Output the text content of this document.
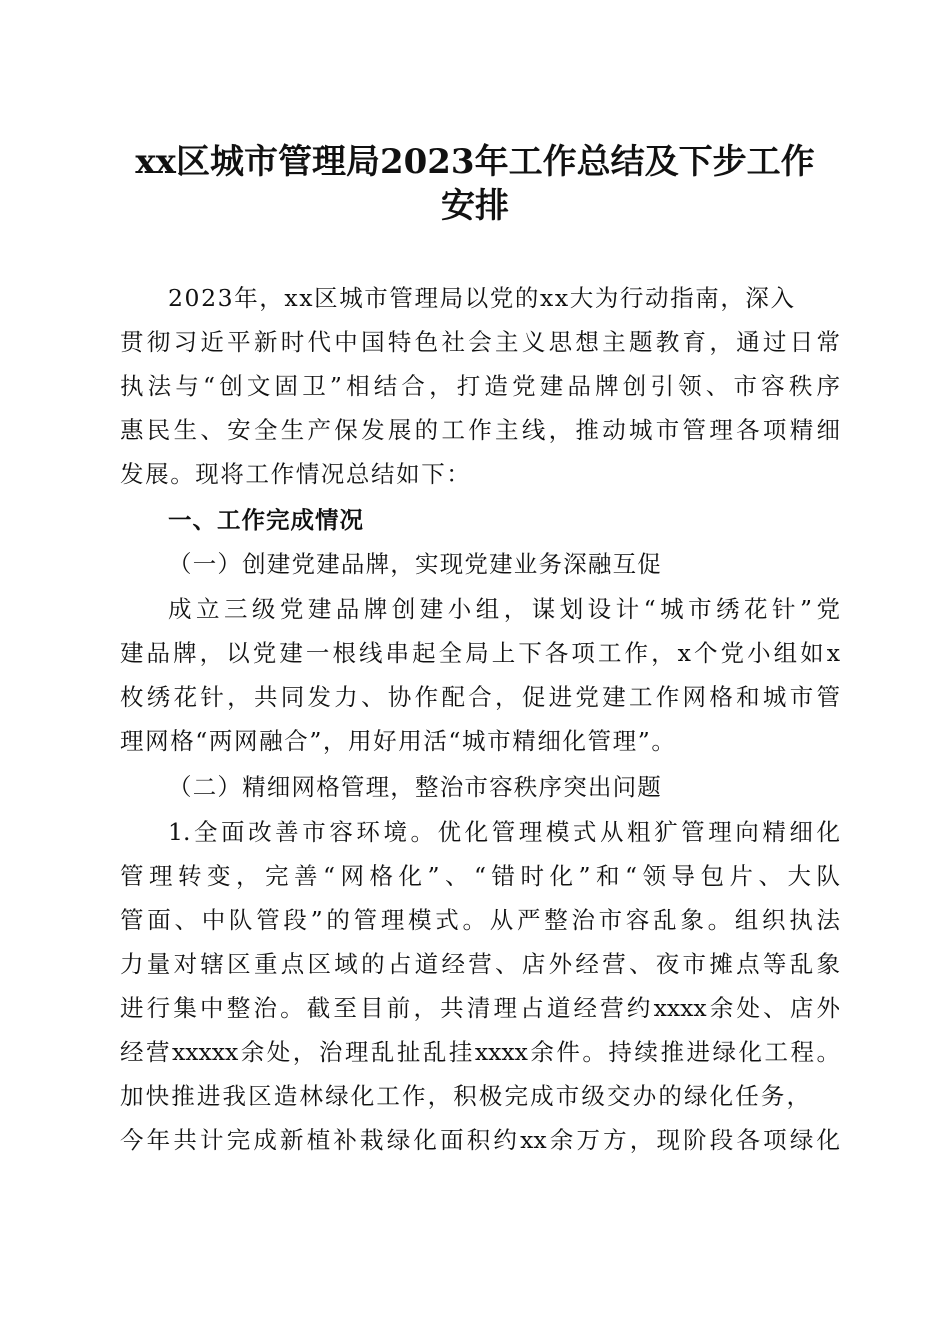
xx区城市管理局2023年工作总结及下步工作
安排
2023年，xx区城市管理局以党的xx大为行动指南，深入
贯彻习近平新时代中国特色社会主义思想主题教育，通过日常
执法与“创文固卫”相结合，打造党建品牌创引领、市容秩序
惠民生、安全生产保发展的工作主线，推动城市管理各项精细
发展。现将工作情况总结如下：
一、工作完成情况
（一）创建党建品牌，实现党建业务深融互促
成立三级党建品牌创建小组，谋划设计“城市绣花针”党
建品牌，以党建一根线串起全局上下各项工作，x个党小组如x
枚绣花针，共同发力、协作配合，促进党建工作网格和城市管
理网格“两网融合”，用好用活“城市精细化管理”。
（二）精细网格管理，整治市容秩序突出问题
1.全面改善市容环境。优化管理模式从粗犷管理向精细化
管理转变，完善“网格化”、“错时化”和“领导包片、大队
管面、中队管段”的管理模式。从严整治市容乱象。组织执法
力量对辖区重点区域的占道经营、店外经营、夜市摊点等乱象
进行集中整治。截至目前，共清理占道经营约xxxx余处、店外
经营xxxxx余处，治理乱扯乱挂xxxx余件。持续推进绿化工程。
加快推进我区造林绿化工作，积极完成市级交办的绿化任务，
今年共计完成新植补栽绿化面积约xx余万方，现阶段各项绿化
